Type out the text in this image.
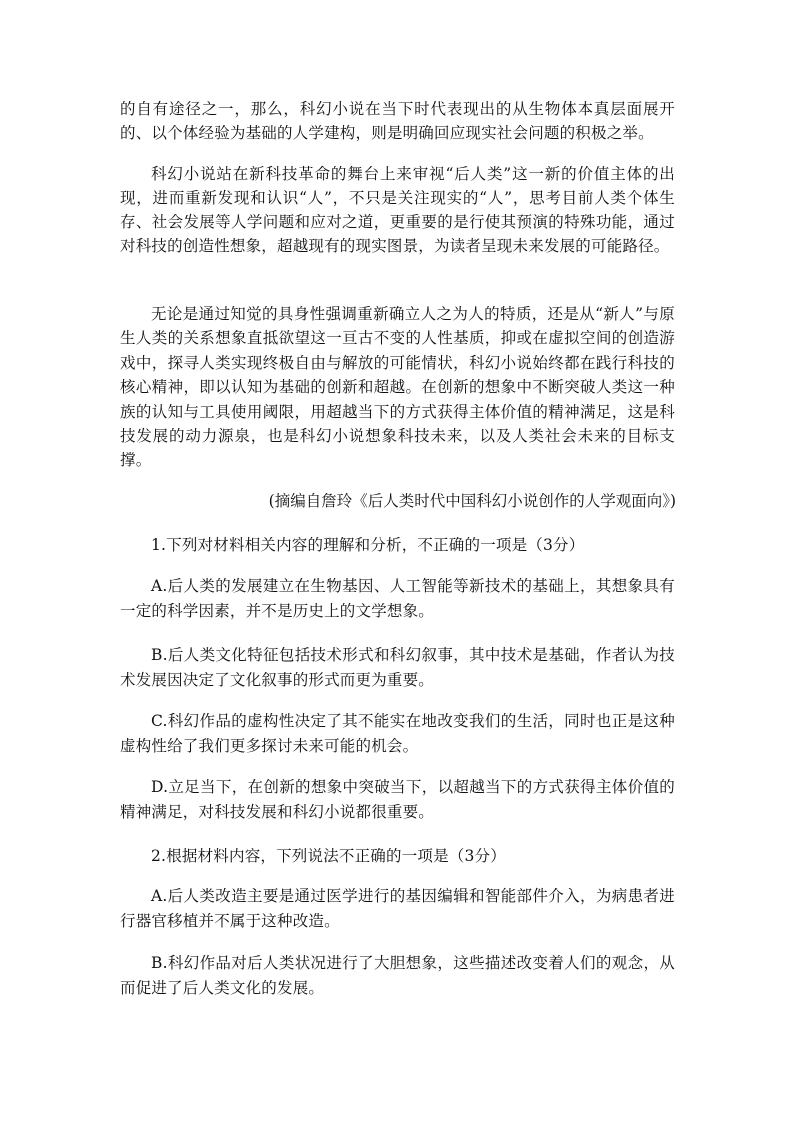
的自有途径之一，那么，科幻小说在当下时代表现出的从生物体本真层面展开的、以个体经验为基础的人学建构，则是明确回应现实社会问题的积极之举。

科幻小说站在新科技革命的舞台上来审视“后人类”这一新的价值主体的出现，进而重新发现和认识“人”，不只是关注现实的“人”，思考目前人类个体生存、社会发展等人学问题和应对之道，更重要的是行使其预演的特殊功能，通过对科技的创造性想象，超越现有的现实图景，为读者呈现未来发展的可能路径。

无论是通过知觉的具身性强调重新确立人之为人的特质，还是从“新人”与原生人类的关系想象直抵欲望这一亘古不变的人性基质，抑或在虚拟空间的创造游戏中，探寻人类实现终极自由与解放的可能情状，科幻小说始终都在践行科技的核心精神，即以认知为基础的创新和超越。在创新的想象中不断突破人类这一种族的认知与工具使用阈限，用超越当下的方式获得主体价值的精神满足，这是科技发展的动力源泉，也是科幻小说想象科技未来，以及人类社会未来的目标支撑。

(摘编自詹玲《后人类时代中国科幻小说创作的人学观面向》)

1.下列对材料相关内容的理解和分析，不正确的一项是（3分）

A.后人类的发展建立在生物基因、人工智能等新技术的基础上，其想象具有一定的科学因素，并不是历史上的文学想象。

B.后人类文化特征包括技术形式和科幻叙事，其中技术是基础，作者认为技术发展因决定了文化叙事的形式而更为重要。

C.科幻作品的虚构性决定了其不能实在地改变我们的生活，同时也正是这种虚构性给了我们更多探讨未来可能的机会。

D.立足当下，在创新的想象中突破当下，以超越当下的方式获得主体价值的精神满足，对科技发展和科幻小说都很重要。

2.根据材料内容，下列说法不正确的一项是（3分）

A.后人类改造主要是通过医学进行的基因编辑和智能部件介入，为病患者进行器官移植并不属于这种改造。

B.科幻作品对后人类状况进行了大胆想象，这些描述改变着人们的观念，从而促进了后人类文化的发展。
